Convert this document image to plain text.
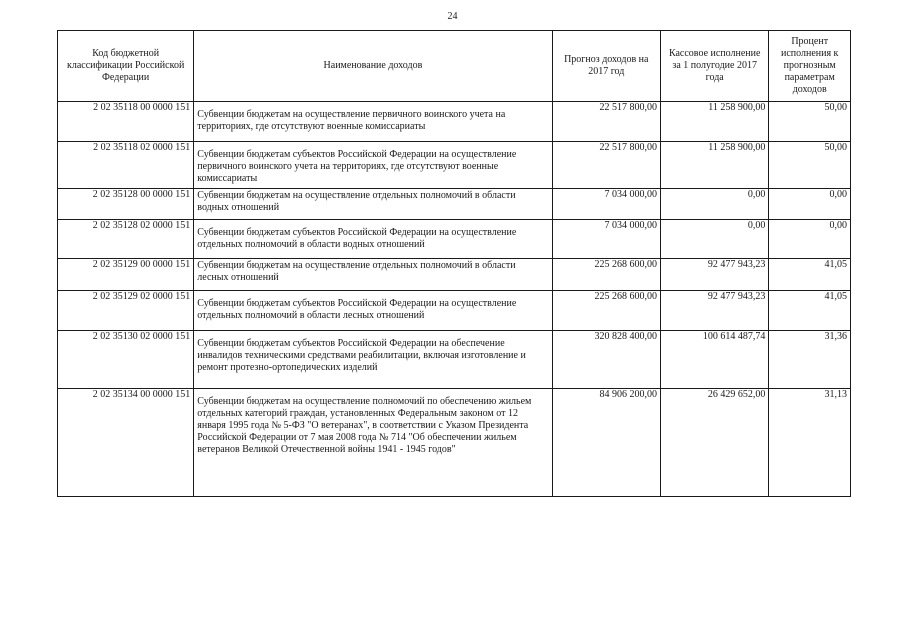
24
Код бюджетной классификации Российской Федерации	Наименование доходов	Прогноз доходов на 2017 год	Кассовое исполнение за 1 полугодие 2017 года	Процент исполнения к прогнозным параметрам доходов
2 02 35118 00 0000 151	Субвенции бюджетам на осуществление первичного воинского учета на территориях, где отсутствуют военные комиссариаты	22 517 800,00	11 258 900,00	50,00
2 02 35118 02 0000 151	Субвенции бюджетам субъектов Российской Федерации на осуществление первичного воинского учета на территориях, где отсутствуют военные комиссариаты	22 517 800,00	11 258 900,00	50,00
2 02 35128 00 0000 151	Субвенции бюджетам на осуществление отдельных полномочий в области водных отношений	7 034 000,00	0,00	0,00
2 02 35128 02 0000 151	Субвенции бюджетам субъектов Российской Федерации на осуществление отдельных полномочий в области водных отношений	7 034 000,00	0,00	0,00
2 02 35129 00 0000 151	Субвенции бюджетам на осуществление отдельных полномочий в области лесных отношений	225 268 600,00	92 477 943,23	41,05
2 02 35129 02 0000 151	Субвенции бюджетам субъектов Российской Федерации на осуществление отдельных полномочий в области лесных отношений	225 268 600,00	92 477 943,23	41,05
2 02 35130 02 0000 151	Субвенции бюджетам субъектов Российской Федерации на обеспечение инвалидов техническими средствами реабилитации, включая изготовление и ремонт протезно-ортопедических изделий	320 828 400,00	100 614 487,74	31,36
2 02 35134 00 0000 151	Субвенции бюджетам на осуществление полномочий по обеспечению жильем отдельных категорий граждан, установленных Федеральным законом от 12 января 1995 года № 5-ФЗ "О ветеранах", в соответствии с Указом Президента Российской Федерации от 7 мая 2008 года № 714 "Об обеспечении жильем ветеранов Великой Отечественной войны 1941 - 1945 годов"	84 906 200,00	26 429 652,00	31,13
